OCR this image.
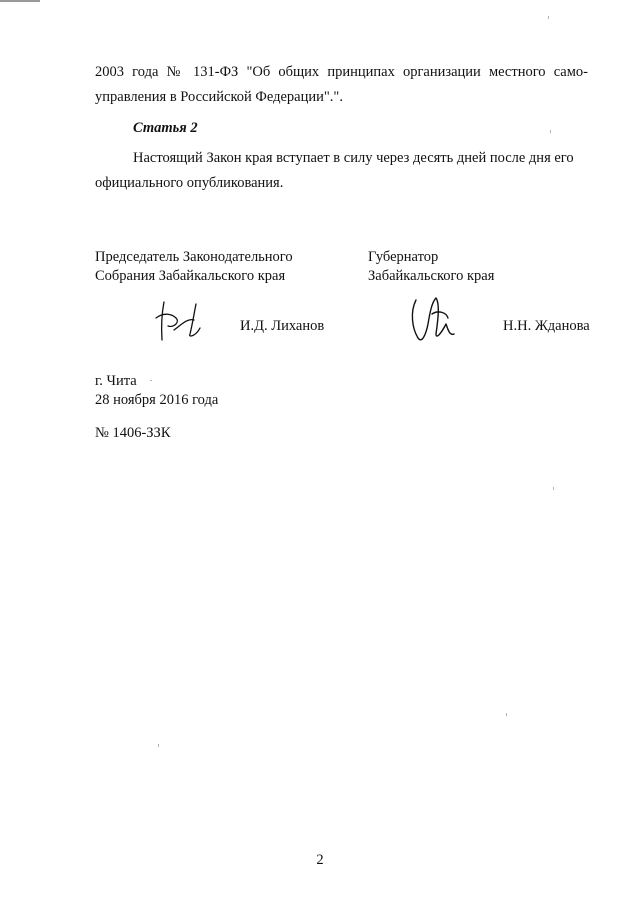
2003 года № 131-ФЗ "Об общих принципах организации местного само-

управления в Российской Федерации".".

Статья 2

Настоящий Закон края вступает в силу через десять дней после дня его официального опубликования.

Председатель Законодательного
Собрания Забайкальского края
Губернатор
Забайкальского края
И.Д. Лиханов	Н.Н. Жданова
г. Чита
28 ноября 2016 года
№ 1406-ЗЗК
2
